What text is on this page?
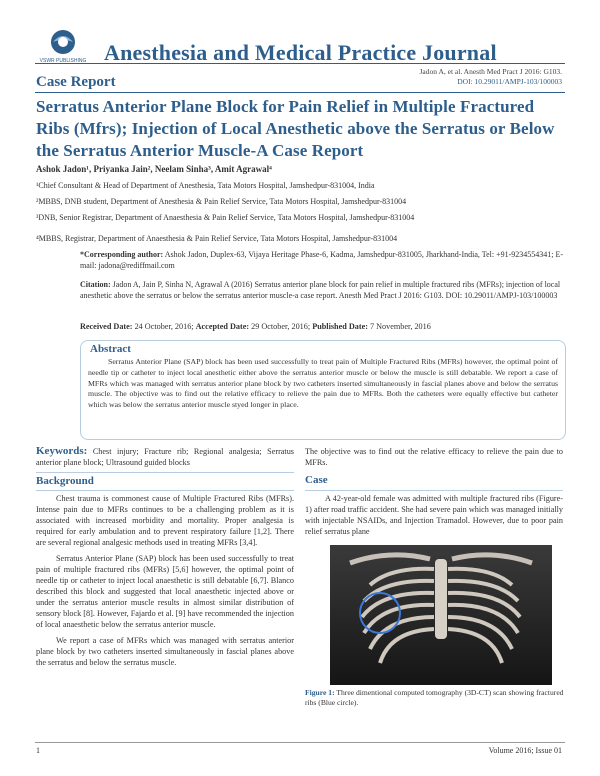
VSWR PUBLISHING Anesthesia and Medical Practice Journal
Jadon A, et al. Anesth Med Pract J 2016: G103.
DOI: 10.29011/AMPJ-103/100003
Case Report
Serratus Anterior Plane Block for Pain Relief in Multiple Fractured Ribs (Mfrs); Injection of Local Anesthetic above the Serratus or Below the Serratus Anterior Muscle-A Case Report
Ashok Jadon¹, Priyanka Jain², Neelam Sinha³, Amit Agrawal⁴
¹Chief Consultant & Head of Department of Anesthesia, Tata Motors Hospital, Jamshedpur-831004, India
²MBBS, DNB student, Department of Anesthesia & Pain Relief Service, Tata Motors Hospital, Jamshedpur-831004
³DNB, Senior Registrar, Department of Anaesthesia & Pain Relief Service, Tata Motors Hospital, Jamshedpur-831004
⁴MBBS, Registrar, Department of Anaesthesia & Pain Relief Service, Tata Motors Hospital, Jamshedpur-831004
*Corresponding author: Ashok Jadon, Duplex-63, Vijaya Heritage Phase-6, Kadma, Jamshedpur-831005, Jharkhand-India, Tel: +91-9234554341; E-mail: jadona@rediffmail.com
Citation: Jadon A, Jain P, Sinha N, Agrawal A (2016) Serratus anterior plane block for pain relief in multiple fractured ribs (MFRs); injection of local anesthetic above the serratus or below the serratus anterior muscle-a case report. Anesth Med Pract J 2016: G103. DOI: 10.29011/AMPJ-103/100003
Received Date: 24 October, 2016; Accepted Date: 29 October, 2016; Published Date: 7 November, 2016
Abstract
Serratus Anterior Plane (SAP) block has been used successfully to treat pain of Multiple Fractured Ribs (MFRs) however, the optimal point of needle tip or catheter to inject local anesthetic either above the serratus anterior muscle or below the muscle is still debatable. We report a case of MFRs which was managed with serratus anterior plane block by two catheters inserted simultaneously in fascial planes above and below the serratus muscle. The objective was to find out the relative efficacy to relieve the pain due to MFRs. Both the catheters were equally effective but catheter which was below the serratus anterior muscle styed longer in place.
Keywords: Chest injury; Fracture rib; Regional analgesia; Serratus anterior plane block; Ultrasound guided blocks
Background

Chest trauma is commonest cause of Multiple Fractured Ribs (MFRs). Intense pain due to MFRs continues to be a challenging problem as it is associated with increased morbidity and mortality. Proper analgesia is required for early ambulation and to prevent respiratory failure [1,2]. There are several regional analgesic methods used in treating MFRs [3,4].

Serratus Anterior Plane (SAP) block has been used successfully to treat pain of multiple fractured ribs (MFRs) [5,6] however, the optimal point of needle tip or catheter to inject local anaesthetic is still debatable [6,7]. Blanco described this block and suggested that local anaesthetic injected above or under the serratus anterior muscle results in almost similar distribution of sensory block [8]. However, Fajardo et al. [9] have recommended the injection of local anaesthetic below the serratus anterior muscle.

We report a case of MFRs which was managed with serratus anterior plane block by two catheters inserted simultaneously in fascial planes above the serratus and below the serratus muscle.

The objective was to find out the relative efficacy to relieve the pain due to MFRs.
Case
A 42-year-old female was admitted with multiple fractured ribs (Figure-1) after road traffic accident. She had severe pain which was managed initially with injectable NSAIDs, and Injection Tramadol. However, due to poor pain relief serratus plane
Figure 1: Three dimentional computed tomography (3D-CT) scan showing fractured ribs (Blue circle).
1	Volume 2016; Issue 01
